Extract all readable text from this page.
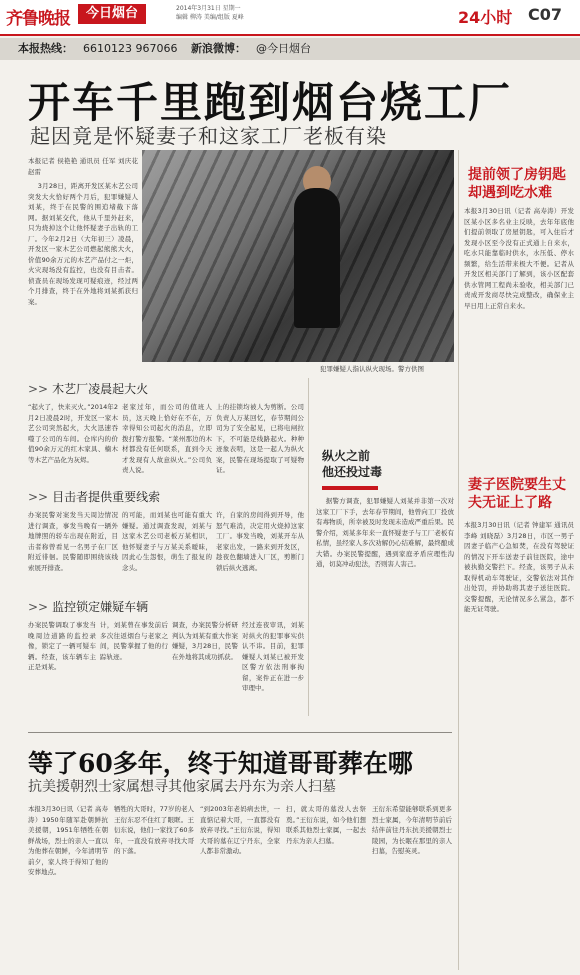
齐鲁晚报	今日烟台	2014年3月31日 星期一
编辑 柳涛 美编/组版 夏峰	24小时 C07
本报热线： 6610123 967066 新浪微博： @今日烟台
开车千里跑到烟台烧工厂
起因竟是怀疑妻子和这家工厂老板有染
本报记者 侯艳艳 通讯员 任军 刘庆花 赵雷
3月28日，距离开发区某木艺公司突发大火恰好两个月后，犯罪嫌疑人刘某，终于在民警的围追堵截下落网。据刘某交代，他从千里外赶来，只为烧掉这个让他怀疑妻子出轨的工厂。今年2月2日（大年初三）凌晨，开发区一家木艺公司燃起熊熊大火，价值90余万元的木艺产品付之一炬，火灾现场没有监控，也没有目击者。侦查员在现场发现可疑痕迹，经过两个月排查，终于在外地将刘某抓获归案。
犯罪嫌疑人指认纵火现场。警方供图
>> 木艺厂凌晨起大火
“起火了，快来灭火。”2014年2月2日凌晨2时，开发区一家木艺公司突然起火，大火迅速吞噬了公司的车间。仓库内的价值90余万元的红木家具、楠木等木艺产品化为灰烬。
老家过年，而公司的值班人员，这天晚上恰好在不在，万幸得知公司起火的消息，立即拨打警方报警。“莱州那边的木材都没有任何联系，直到今天才发现有人故意纵火。”公司负责人说。
上的挂锁均被人为剪断。公司负责人万某回忆，春节期间公司为了安全起见，已将电闸拉下，不可能是线路起火。种种迹象表明，这是一起人为纵火案，民警在现场提取了可疑物证。
>> 目击者提供重要线索
办案民警对案发当天周边情况进行调查，事发当晚有一辆外地牌照的轿车出现在附近，目击者称曾看见一名男子在厂区附近徘徊。民警随即围绕该线索展开排查。
的可能，而刘某也可能有重大嫌疑。通过调查发现，刘某与这家木艺公司老板万某相识，他怀疑妻子与万某关系暧昧，因此心生怨恨，萌生了报复的念头。
许，自家的房间得到开导，他怒气难消，决定用火烧掉这家工厂。事发当晚，刘某开车从老家出发，一路来到开发区，趁夜色翻墙进入厂区，剪断门锁后纵火逃离。
>> 监控锁定嫌疑车辆
办案民警调取了事发当晚周边道路的监控录像，锁定了一辆可疑车辆。经查，该车辆车主正是刘某。
计，刘某曾在事发前后多次往返烟台与老家之间，民警掌握了他的行踪轨迹。
调查，办案民警分析研判认为刘某有重大作案嫌疑，3月28日，民警在外地将其成功抓获。
经过连夜审讯，刘某对纵火的犯罪事实供认不讳。目前，犯罪嫌疑人刘某已被开发区警方依法刑事拘留，案件正在进一步审理中。
纵火之前
他还投过毒
据警方调查，犯罪嫌疑人刘某并非第一次对这家工厂下手，去年春节期间，他曾向工厂投放有毒物质，所幸被及时发现未造成严重后果。民警介绍，刘某多年来一直怀疑妻子与工厂老板有私情，虽经家人多次劝解仍心结难解，最终酿成大错。办案民警提醒，遇到家庭矛盾应理性沟通，切莫冲动犯法，否则害人害己。
提前领了房钥匙却遇到吃水难
本报3月30日讯（记者 高寿涛）开发区某小区多名业主反映，去年年底他们提前领取了房屋钥匙，可入住后才发现小区至今没有正式通上自来水，吃水只能靠临时供水，水压低、停水频繁，给生活带来极大不便。记者从开发区相关部门了解到，该小区配套供水管网工程尚未验收，相关部门已责成开发商尽快完成整改，确保业主早日用上正常自来水。
妻子医院要生丈夫无证上了路
本报3月30日讯（记者 钟建军 通讯员 李峰 刘晓磊）3月28日，市区一男子因妻子临产心急如焚，在没有驾驶证的情况下开车送妻子前往医院，途中被执勤交警拦下。经查，该男子从未取得机动车驾驶证，交警依法对其作出处罚，并协助将其妻子送往医院。交警提醒，无论情况多么紧急，都不能无证驾驶。
等了60多年，终于知道哥哥葬在哪
抗美援朝烈士家属想寻其他家属去丹东为亲人扫墓
本报3月30日讯（记者 高寿涛）1950年随军赴朝鲜抗美援朝，1951年牺牲在朝鲜战场，烈士的亲人一直以为他葬在朝鲜，今年清明节前夕，家人终于得知了他的安葬地点。
牺牲的大哥时，77岁的老人王衍东忍不住红了眼眶。王衍东说，他们一家找了60多年，一直没有放弃寻找大哥的下落。
“到2003年老妈病去世，一直惦记着大哥，一直都没有放弃寻找。”王衍东说，得知大哥的墓在辽宁丹东，全家人都非常激动。
扫，就太哥的墓没人去祭奠。”王衍东说，如今他们想联系其他烈士家属，一起去丹东为亲人扫墓。
王衍东希望能够联系到更多烈士家属，今年清明节前后结伴前往丹东抗美援朝烈士陵园，为长眠在那里的亲人扫墓，告慰英灵。
